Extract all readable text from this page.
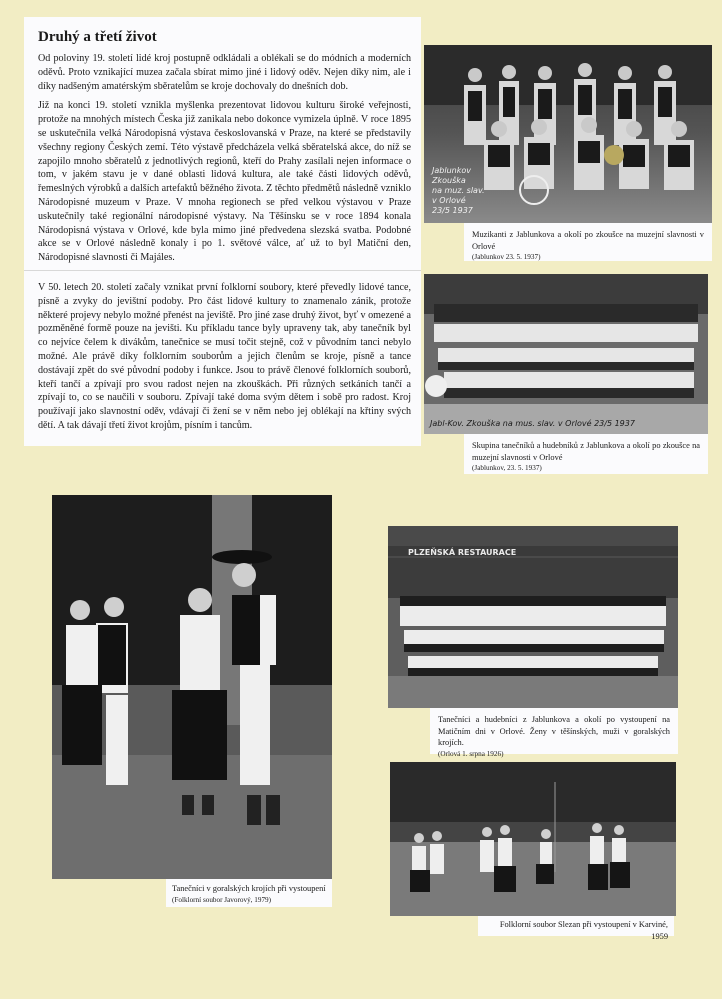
Druhý a třetí život

Od poloviny 19. století lidé kroj postupně odkládali a oblékali se do módních a moderních oděvů. Proto vznikající muzea začala sbírat mimo jiné i lidový oděv. Nejen díky nim, ale i díky nadšeným amatérským sběratelům se kroje dochovaly do dnešních dob.

Již na konci 19. století vznikla myšlenka prezentovat lidovou kulturu široké veřejnosti, protože na mnohých místech Česka již zanikala nebo dokonce vymizela úplně. V roce 1895 se uskutečnila velká Národopisná výstava českoslovanská v Praze, na které se představily všechny regiony Českých zemí. Této výstavě předcházela velká sběratelská akce, do níž se zapojilo mnoho sběratelů z jednotlivých regionů, kteří do Prahy zasílali nejen informace o tom, v jakém stavu je v dané oblasti lidová kultura, ale také části lidových oděvů, řemeslných výrobků a dalších artefaktů běžného života. Z těchto předmětů následně vzniklo Národopisné muzeum v Praze. V mnoha regionech se před velkou výstavou v Praze uskutečnily také regionální národopisné výstavy. Na Těšínsku se v roce 1894 konala Národopisná výstava v Orlové, kde byla mimo jiné předvedena slezská svatba. Podobné akce se v Orlové následně konaly i po 1. světové válce, ať už to byl Matiční den, Národopisné slavnosti či Majáles.

V 50. letech 20. století začaly vznikat první folklorní soubory, které převedly lidové tance, písně a zvyky do jevištní podoby. Pro část lidové kultury to znamenalo zánik, protože některé projevy nebylo možné přenést na jeviště. Pro jiné zase druhý život, byť v omezené a pozměněné formě pouze na jevišti. Ku příkladu tance byly upraveny tak, aby tanečník byl co nejvíce čelem k divákům, tanečnice se musí točit stejně, což v původním tanci nebylo možné. Ale právě díky folklorním souborům a jejich členům se kroje, písně a tance dostávají zpět do své původní podoby i funkce. Jsou to právě členové folklorních souborů, kteří tančí a zpívají pro svou radost nejen na zkouškách. Při různých setkáních tančí a zpívají to, co se naučili v souboru. Zpívají také doma svým dětem i sobě pro radost. Kroj používají jako slavnostní oděv, vdávají či žení se v něm nebo jej oblékají na křtiny svých dětí. A tak dávají třetí život krojům, písním i tancům.

Jablunkov
Zkouška
na muz. slav.
v Orlové
23/5 1937
Muzikanti z Jablunkova a okolí po zkoušce na muzejní slavnosti v Orlové
(Jablunkov 23. 5. 1937)
Jabl-Kov. Zkouška na mus. slav. v Orlové 23/5 1937
Skupina tanečníků a hudebníků z Jablunkova a okolí po zkoušce na muzejní slavnosti v Orlové
(Jablunkov, 23. 5. 1937)
Tanečníci v goralských krojích při vystoupení
(Folklorní soubor Javorový, 1979)
PLZEŇSKÁ RESTAURACE
Tanečníci a hudebníci z Jablunkova a okolí po vystoupení na Matičním dni v Orlové. Ženy v těšínských, muži v goralských krojích.
(Orlová 1. srpna 1926)
Folklorní soubor Slezan při vystoupení v Karviné, 1959
